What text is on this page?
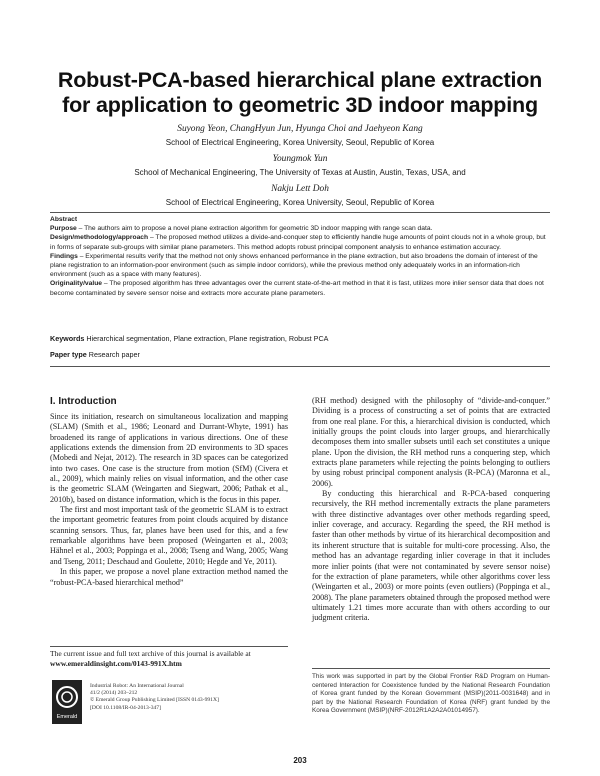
Robust-PCA-based hierarchical plane extraction
for application to geometric 3D indoor mapping
Suyong Yeon, ChangHyun Jun, Hyunga Choi and Jaehyeon Kang
School of Electrical Engineering, Korea University, Seoul, Republic of Korea
Youngmok Yun
School of Mechanical Engineering, The University of Texas at Austin, Austin, Texas, USA, and
Nakju Lett Doh
School of Electrical Engineering, Korea University, Seoul, Republic of Korea

Abstract

Purpose – The authors aim to propose a novel plane extraction algorithm for geometric 3D indoor mapping with range scan data.

Design/methodology/approach – The proposed method utilizes a divide-and-conquer step to efficiently handle huge amounts of point clouds not in a whole group, but in forms of separate sub-groups with similar plane parameters. This method adopts robust principal component analysis to enhance estimation accuracy.

Findings – Experimental results verify that the method not only shows enhanced performance in the plane extraction, but also broadens the domain of interest of the plane registration to an information-poor environment (such as simple indoor corridors), while the previous method only adequately works in an information-rich environment (such as a space with many features).

Originality/value – The proposed algorithm has three advantages over the current state-of-the-art method in that it is fast, utilizes more inlier sensor data that does not become contaminated by severe sensor noise and extracts more accurate plane parameters.

Keywords Hierarchical segmentation, Plane extraction, Plane registration, Robust PCA
Paper type Research paper
I. Introduction

Since its initiation, research on simultaneous localization and mapping (SLAM) (Smith et al., 1986; Leonard and Durrant-Whyte, 1991) has broadened its range of applications in various directions. One of these applications extends the dimension from 2D environments to 3D spaces (Mobedi and Nejat, 2012). The research in 3D spaces can be categorized into two cases. One case is the structure from motion (SfM) (Civera et al., 2009), which mainly relies on visual information, and the other case is the geometric SLAM (Weingarten and Siegwart, 2006; Pathak et al., 2010b), based on distance information, which is the focus in this paper.

The first and most important task of the geometric SLAM is to extract the important geometric features from point clouds acquired by distance scanning sensors. Thus, far, planes have been used for this, and a few remarkable algorithms have been proposed (Weingarten et al., 2003; Hähnel et al., 2003; Poppinga et al., 2008; Tseng and Wang, 2005; Wang and Tseng, 2011; Deschaud and Goulette, 2010; Hegde and Ye, 2011).

In this paper, we propose a novel plane extraction method named the “robust-PCA-based hierarchical method”

(RH method) designed with the philosophy of “divide-and-conquer.” Dividing is a process of constructing a set of points that are extracted from one real plane. For this, a hierarchical division is conducted, which initially groups the point clouds into larger groups, and hierarchically decomposes them into smaller subsets until each set constitutes a unique plane. Upon the division, the RH method runs a conquering step, which extracts plane parameters while rejecting the points belonging to outliers by using robust principal component analysis (R-PCA) (Maronna et al., 2006).

By conducting this hierarchical and R-PCA-based conquering recursively, the RH method incrementally extracts the plane parameters with three distinctive advantages over other methods regarding speed, inlier coverage, and accuracy. Regarding the speed, the RH method is faster than other methods by virtue of its hierarchical decomposition and its inherent structure that is suitable for multi-core processing. Also, the method has an advantage regarding inlier coverage in that it includes more inlier points (that were not contaminated by severe sensor noise) for the extraction of plane parameters, while other algorithms cover less (Weingarten et al., 2003) or more points (even outliers) (Poppinga et al., 2008). The plane parameters obtained through the proposed method were ultimately 1.21 times more accurate than with others according to our judgment criteria.

The current issue and full text archive of this journal is available at
www.emeraldinsight.com/0143-991X.htm
Emerald
Industrial Robot: An International Journal
41/2 (2014) 203–212
© Emerald Group Publishing Limited [ISSN 0143-991X]
[DOI 10.1108/IR-04-2013-347]
This work was supported in part by the Global Frontier R&D Program on Human-centered Interaction for Coexistence funded by the National Research Foundation of Korea grant funded by the Korean Government (MSIP)(2011-0031648) and in part by the National Research Foundation of Korea (NRF) grant funded by the Korea Government (MSIP)(NRF-2012R1A2A2A01014957).
203
